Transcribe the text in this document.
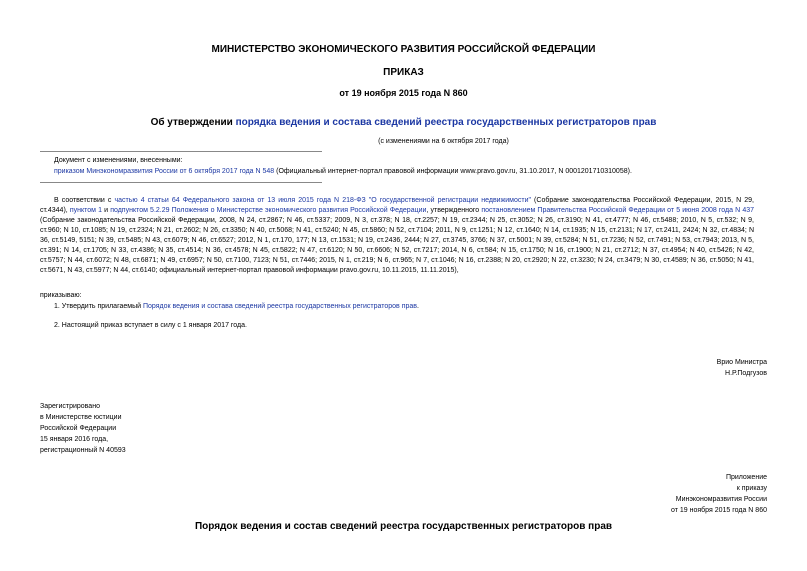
МИНИСТЕРСТВО ЭКОНОМИЧЕСКОГО РАЗВИТИЯ РОССИЙСКОЙ ФЕДЕРАЦИИ
ПРИКАЗ
от 19 ноября 2015 года N 860
Об утверждении порядка ведения и состава сведений реестра государственных регистраторов прав
(с изменениями на 6 октября 2017 года)
Документ с изменениями, внесенными:
приказом Минэкономразвития России от 6 октября 2017 года N 548 (Официальный интернет-портал правовой информации www.pravo.gov.ru, 31.10.2017, N 0001201710310058).
В соответствии с частью 4 статьи 64 Федерального закона от 13 июля 2015 года N 218-ФЗ "О государственной регистрации недвижимости" (Собрание законодательства Российской Федерации, 2015, N 29, ст.4344), пунктом 1 и подпунктом 5.2.29 Положения о Министерстве экономического развития Российской Федерации, утвержденного постановлением Правительства Российской Федерации от 5 июня 2008 года N 437 (Собрание законодательства Российской Федерации, 2008, N 24, ст.2867; N 46, ст.5337; 2009, N 3, ст.378; N 18, ст.2257; N 19, ст.2344; N 25, ст.3052; N 26, ст.3190; N 41, ст.4777; N 46, ст.5488; 2010, N 5, ст.532; N 9, ст.960; N 10, ст.1085; N 19, ст.2324; N 21, ст.2602; N 26, ст.3350; N 40, ст.5068; N 41, ст.5240; N 45, ст.5860; N 52, ст.7104; 2011, N 9, ст.1251; N 12, ст.1640; N 14, ст.1935; N 15, ст.2131; N 17, ст.2411, 2424; N 32, ст.4834; N 36, ст.5149, 5151; N 39, ст.5485; N 43, ст.6079; N 46, ст.6527; 2012, N 1, ст.170, 177; N 13, ст.1531; N 19, ст.2436, 2444; N 27, ст.3745, 3766; N 37, ст.5001; N 39, ст.5284; N 51, ст.7236; N 52, ст.7491; N 53, ст.7943; 2013, N 5, ст.391; N 14, ст.1705; N 33, ст.4386; N 35, ст.4514; N 36, ст.4578; N 45, ст.5822; N 47, ст.6120; N 50, ст.6606; N 52, ст.7217; 2014, N 6, ст.584; N 15, ст.1750; N 16, ст.1900; N 21, ст.2712; N 37, ст.4954; N 40, ст.5426; N 42, ст.5757; N 44, ст.6072; N 48, ст.6871; N 49, ст.6957; N 50, ст.7100, 7123; N 51, ст.7446; 2015, N 1, ст.219; N 6, ст.965; N 7, ст.1046; N 16, ст.2388; N 20, ст.2920; N 22, ст.3230; N 24, ст.3479; N 30, ст.4589; N 36, ст.5050; N 41, ст.5671, N 43, ст.5977; N 44, ст.6140; официальный интернет-портал правовой информации pravo.gov.ru, 10.11.2015, 11.11.2015),
приказываю:
1. Утвердить прилагаемый Порядок ведения и состава сведений реестра государственных регистраторов прав.
2. Настоящий приказ вступает в силу с 1 января 2017 года.
Врио Министра
Н.Р.Подгузов
Зарегистрировано
в Министерстве юстиции
Российской Федерации
15 января 2016 года,
регистрационный N 40593
Приложение
к приказу
Минэкономразвития России
от 19 ноября 2015 года N 860
Порядок ведения и состав сведений реестра государственных регистраторов прав
